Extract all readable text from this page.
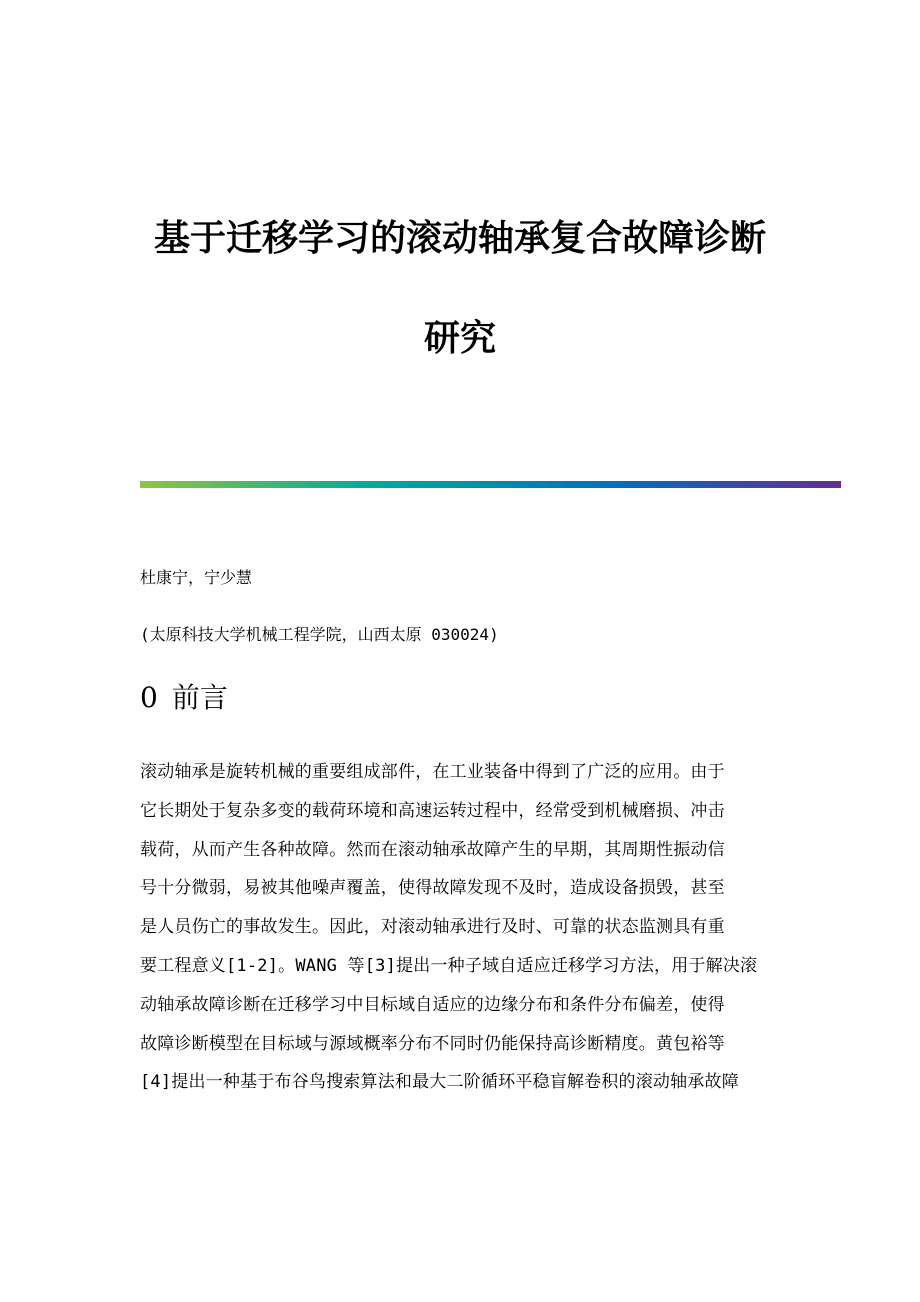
基于迁移学习的滚动轴承复合故障诊断
研究
杜康宁，宁少慧
(太原科技大学机械工程学院，山西太原 030024)
0 前言
滚动轴承是旋转机械的重要组成部件，在工业装备中得到了广泛的应用。由于
它长期处于复杂多变的载荷环境和高速运转过程中，经常受到机械磨损、冲击
载荷，从而产生各种故障。然而在滚动轴承故障产生的早期，其周期性振动信
号十分微弱，易被其他噪声覆盖，使得故障发现不及时，造成设备损毁，甚至
是人员伤亡的事故发生。因此，对滚动轴承进行及时、可靠的状态监测具有重
要工程意义[1-2]。WANG 等[3]提出一种子域自适应迁移学习方法，用于解决滚
动轴承故障诊断在迁移学习中目标域自适应的边缘分布和条件分布偏差，使得
故障诊断模型在目标域与源域概率分布不同时仍能保持高诊断精度。黄包裕等
[4]提出一种基于布谷鸟搜索算法和最大二阶循环平稳盲解卷积的滚动轴承故障
